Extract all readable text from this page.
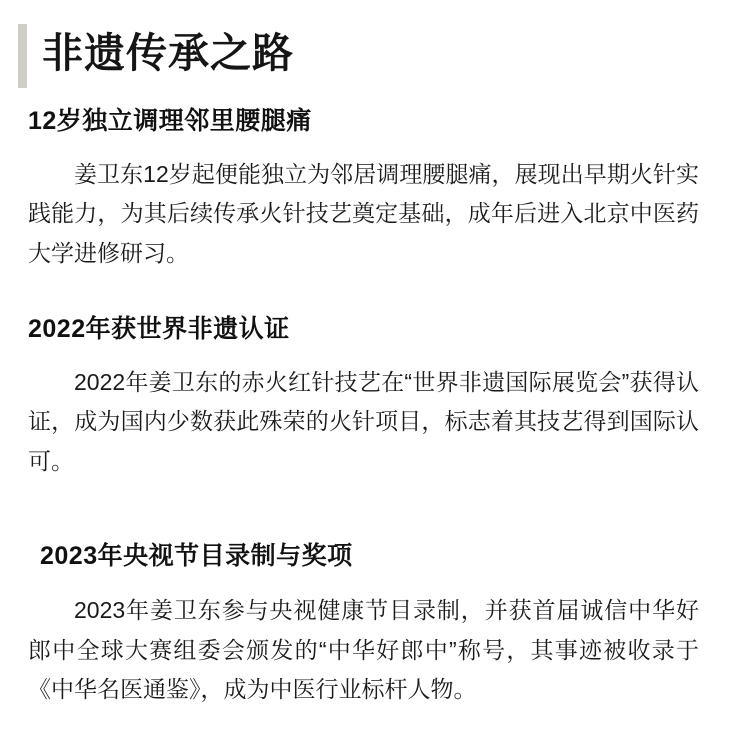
非遗传承之路
12岁独立调理邻里腰腿痛

姜卫东12岁起便能独立为邻居调理腰腿痛，展现出早期火针实践能力，为其后续传承火针技艺奠定基础，成年后进入北京中医药大学进修研习。

2022年获世界非遗认证

2022年姜卫东的赤火红针技艺在“世界非遗国际展览会”获得认证，成为国内少数获此殊荣的火针项目，标志着其技艺得到国际认可。

2023年央视节目录制与奖项

2023年姜卫东参与央视健康节目录制，并获首届诚信中华好郎中全球大赛组委会颁发的“中华好郎中”称号，其事迹被收录于《中华名医通鉴》，成为中医行业标杆人物。
